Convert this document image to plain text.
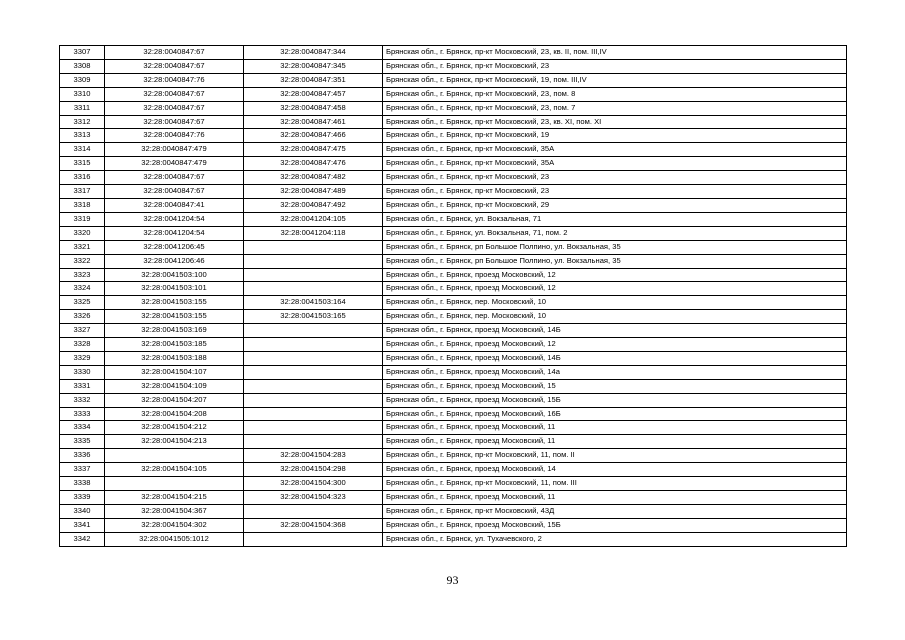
3307	32:28:0040847:67	32:28:0040847:344	Брянская обл., г. Брянск, пр-кт Московский, 23, кв. II, пом. III,IV
3308	32:28:0040847:67	32:28:0040847:345	Брянская обл., г. Брянск, пр-кт Московский, 23
3309	32:28:0040847:76	32:28:0040847:351	Брянская обл., г. Брянск, пр-кт Московский, 19, пом. III,IV
3310	32:28:0040847:67	32:28:0040847:457	Брянская обл., г. Брянск, пр-кт Московский, 23, пом. 8
3311	32:28:0040847:67	32:28:0040847:458	Брянская обл., г. Брянск, пр-кт Московский, 23, пом. 7
3312	32:28:0040847:67	32:28:0040847:461	Брянская обл., г. Брянск, пр-кт Московский, 23, кв. XI, пом. XI
3313	32:28:0040847:76	32:28:0040847:466	Брянская обл., г. Брянск, пр-кт Московский, 19
3314	32:28:0040847:479	32:28:0040847:475	Брянская обл., г. Брянск, пр-кт Московский, 35А
3315	32:28:0040847:479	32:28:0040847:476	Брянская обл., г. Брянск, пр-кт Московский, 35А
3316	32:28:0040847:67	32:28:0040847:482	Брянская обл., г. Брянск, пр-кт Московский, 23
3317	32:28:0040847:67	32:28:0040847:489	Брянская обл., г. Брянск, пр-кт Московский, 23
3318	32:28:0040847:41	32:28:0040847:492	Брянская обл., г. Брянск, пр-кт Московский, 29
3319	32:28:0041204:54	32:28:0041204:105	Брянская обл., г. Брянск, ул. Вокзальная, 71
3320	32:28:0041204:54	32:28:0041204:118	Брянская обл., г. Брянск, ул. Вокзальная, 71, пом. 2
3321	32:28:0041206:45		Брянская обл., г. Брянск, рп Большое Полпино, ул. Вокзальная, 35
3322	32:28:0041206:46		Брянская обл., г. Брянск, рп Большое Полпино, ул. Вокзальная, 35
3323	32:28:0041503:100		Брянская обл., г. Брянск, проезд Московский, 12
3324	32:28:0041503:101		Брянская обл., г. Брянск, проезд Московский, 12
3325	32:28:0041503:155	32:28:0041503:164	Брянская обл., г. Брянск, пер. Московский, 10
3326	32:28:0041503:155	32:28:0041503:165	Брянская обл., г. Брянск, пер. Московский, 10
3327	32:28:0041503:169		Брянская обл., г. Брянск, проезд Московский, 14Б
3328	32:28:0041503:185		Брянская обл., г. Брянск, проезд Московский, 12
3329	32:28:0041503:188		Брянская обл., г. Брянск, проезд Московский, 14Б
3330	32:28:0041504:107		Брянская обл., г. Брянск, проезд Московский, 14а
3331	32:28:0041504:109		Брянская обл., г. Брянск, проезд Московский, 15
3332	32:28:0041504:207		Брянская обл., г. Брянск, проезд Московский, 15Б
3333	32:28:0041504:208		Брянская обл., г. Брянск, проезд Московский, 16Б
3334	32:28:0041504:212		Брянская обл., г. Брянск, проезд Московский, 11
3335	32:28:0041504:213		Брянская обл., г. Брянск, проезд Московский, 11
3336		32:28:0041504:283	Брянская обл., г. Брянск, пр-кт Московский, 11, пом. II
3337	32:28:0041504:105	32:28:0041504:298	Брянская обл., г. Брянск, проезд Московский, 14
3338		32:28:0041504:300	Брянская обл., г. Брянск, пр-кт Московский, 11, пом. III
3339	32:28:0041504:215	32:28:0041504:323	Брянская обл., г. Брянск, проезд Московский, 11
3340	32:28:0041504:367		Брянская обл., г. Брянск, пр-кт Московский, 43Д
3341	32:28:0041504:302	32:28:0041504:368	Брянская обл., г. Брянск, проезд Московский, 15Б
3342	32:28:0041505:1012		Брянская обл., г. Брянск, ул. Тухачевского, 2
93
